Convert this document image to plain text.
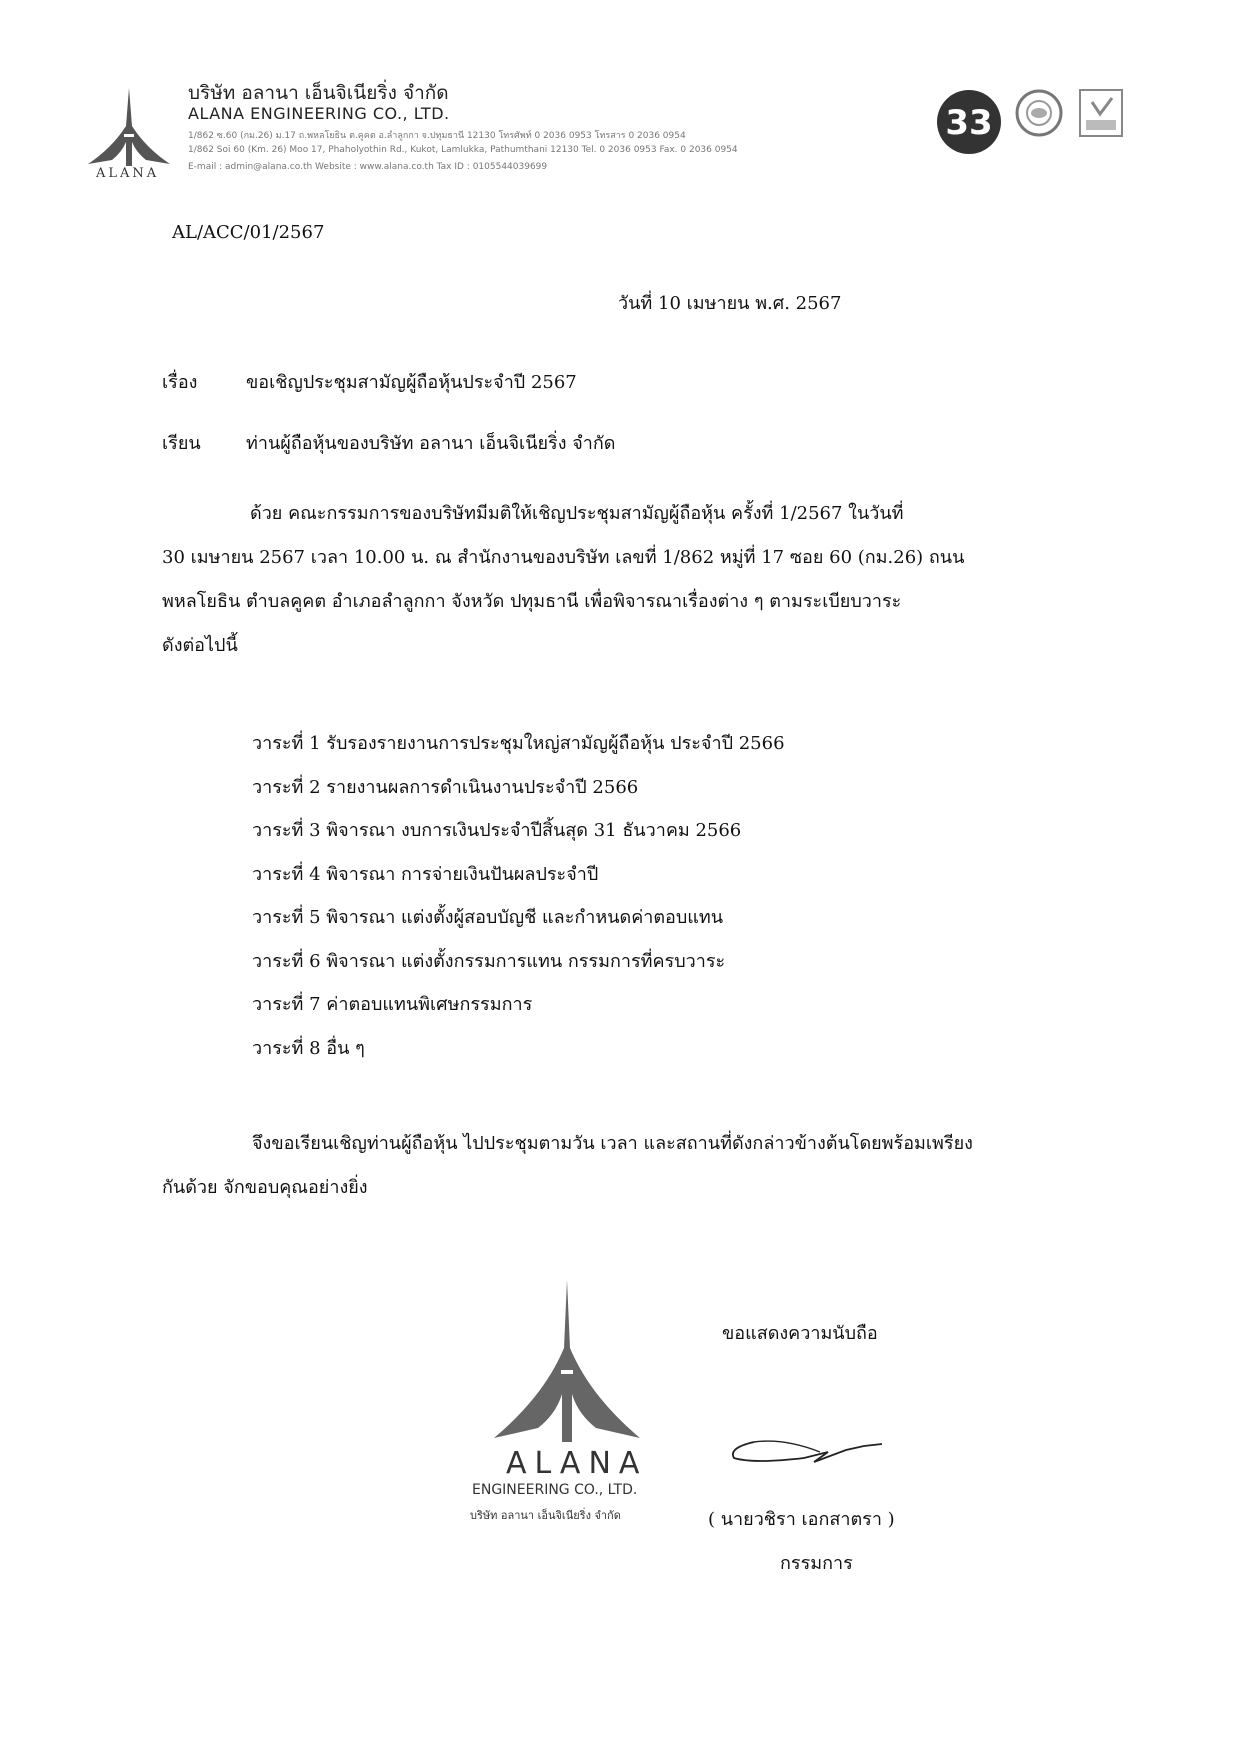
ALANA
บริษัท อลานา เอ็นจิเนียริ่ง จำกัด
ALANA ENGINEERING CO., LTD.
1/862 ซ.60 (กม.26) ม.17 ถ.พหลโยธิน ต.คูคต อ.ลำลูกกา จ.ปทุมธานี 12130 โทรศัพท์ 0 2036 0953 โทรสาร 0 2036 0954
1/862 Soi 60 (Km. 26) Moo 17, Phaholyothin Rd., Kukot, Lamlukka, Pathumthani 12130 Tel. 0 2036 0953 Fax. 0 2036 0954
E-mail : admin@alana.co.th Website : www.alana.co.th Tax ID : 0105544039699
33
AL/ACC/01/2567
วันที่ 10 เมษายน พ.ศ. 2567
เรื่อง	ขอเชิญประชุมสามัญผู้ถือหุ้นประจำปี 2567
เรียน	ท่านผู้ถือหุ้นของบริษัท อลานา เอ็นจิเนียริ่ง จำกัด

ด้วย คณะกรรมการของบริษัทมีมติให้เชิญประชุมสามัญผู้ถือหุ้น ครั้งที่ 1/2567 ในวันที่

30 เมษายน 2567 เวลา 10.00 น. ณ สำนักงานของบริษัท เลขที่ 1/862 หมู่ที่ 17 ซอย 60 (กม.26) ถนน

พหลโยธิน ตำบลคูคต อำเภอลำลูกกา จังหวัด ปทุมธานี เพื่อพิจารณาเรื่องต่าง ๆ ตามระเบียบวาระ

ดังต่อไปนี้

วาระที่ 1 รับรองรายงานการประชุมใหญ่สามัญผู้ถือหุ้น ประจำปี 2566
วาระที่ 2 รายงานผลการดำเนินงานประจำปี 2566
วาระที่ 3 พิจารณา งบการเงินประจำปีสิ้นสุด 31 ธันวาคม 2566
วาระที่ 4 พิจารณา การจ่ายเงินปันผลประจำปี
วาระที่ 5 พิจารณา แต่งตั้งผู้สอบบัญชี และกำหนดค่าตอบแทน
วาระที่ 6 พิจารณา แต่งตั้งกรรมการแทน กรรมการที่ครบวาระ
วาระที่ 7 ค่าตอบแทนพิเศษกรรมการ
วาระที่ 8 อื่น ๆ

จึงขอเรียนเชิญท่านผู้ถือหุ้น ไปประชุมตามวัน เวลา และสถานที่ดังกล่าวข้างต้นโดยพร้อมเพรียง

กันด้วย จักขอบคุณอย่างยิ่ง

ALANA
ENGINEERING CO., LTD.
บริษัท อลานา เอ็นจิเนียริ่ง จำกัด
ขอแสดงความนับถือ
( นายวชิรา เอกสาตรา )
กรรมการ
